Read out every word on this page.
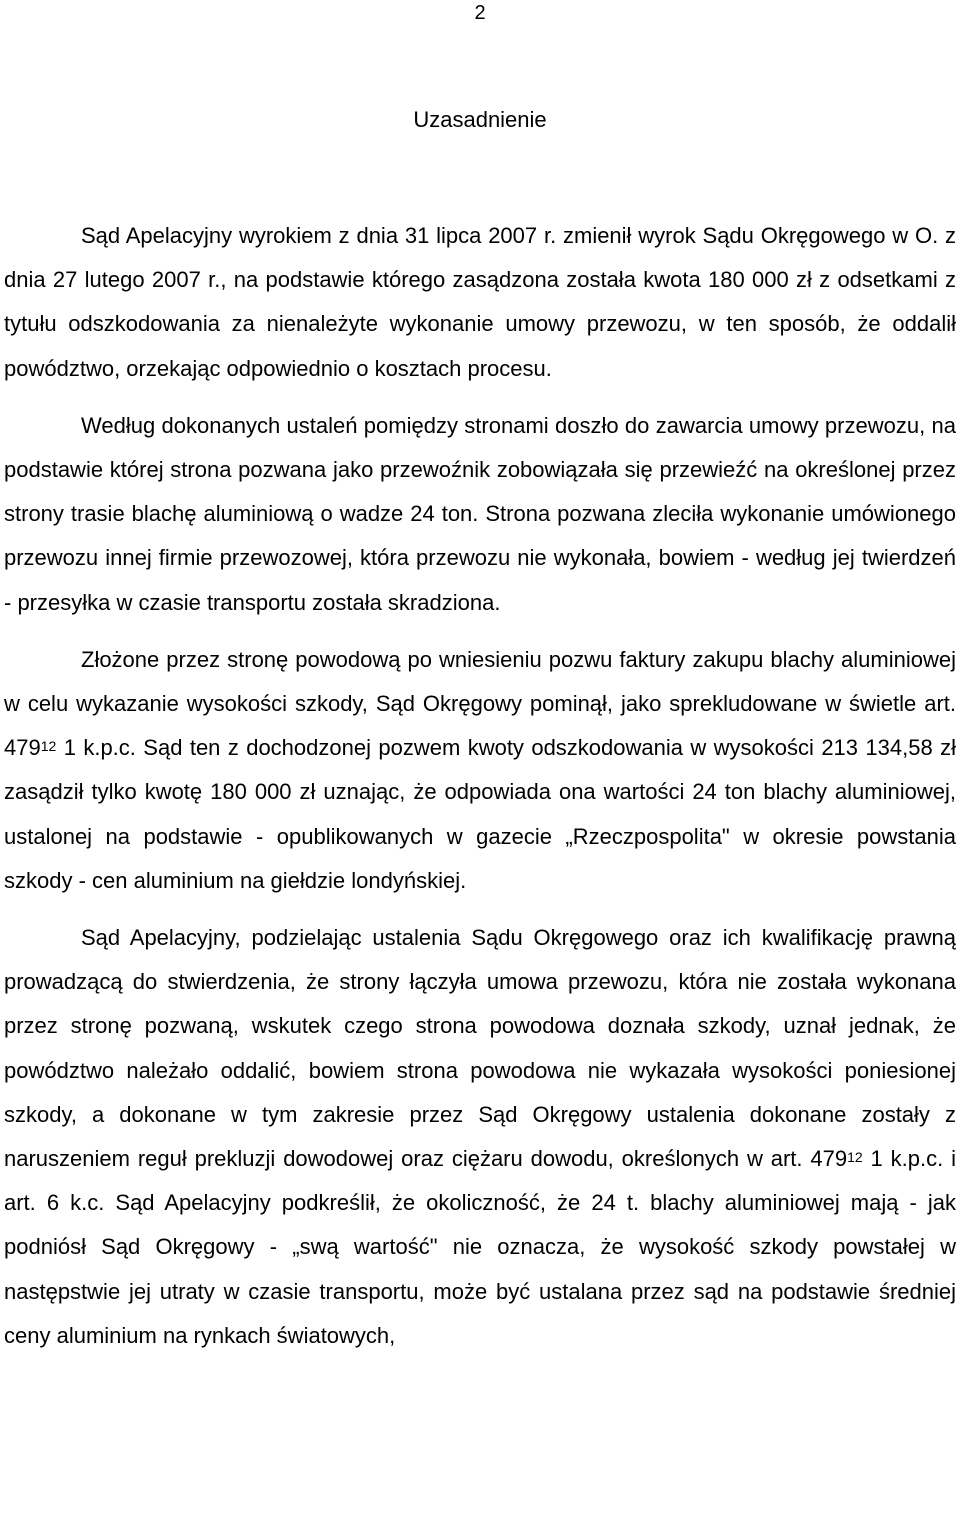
2
Uzasadnienie

Sąd Apelacyjny wyrokiem z dnia 31 lipca 2007 r. zmienił wyrok Sądu Okręgowego w O. z dnia 27 lutego 2007 r., na podstawie którego zasądzona została kwota 180 000 zł z odsetkami z tytułu odszkodowania za nienależyte wykonanie umowy przewozu, w ten sposób, że oddalił powództwo, orzekając odpowiednio o kosztach procesu.

Według dokonanych ustaleń pomiędzy stronami doszło do zawarcia umowy przewozu, na podstawie której strona pozwana jako przewoźnik zobowiązała się przewieźć na określonej przez strony trasie blachę aluminiową o wadze 24 ton. Strona pozwana zleciła wykonanie umówionego przewozu innej firmie przewozowej, która przewozu nie wykonała, bowiem - według jej twierdzeń - przesyłka w czasie transportu została skradziona.

Złożone przez stronę powodową po wniesieniu pozwu faktury zakupu blachy aluminiowej w celu wykazanie wysokości szkody, Sąd Okręgowy pominął, jako sprekludowane w świetle art. $479^{12}$ 1 k.p.c. Sąd ten z dochodzonej pozwem kwoty odszkodowania w wysokości 213 134,58 zł zasądził tylko kwotę 180 000 zł uznając, że odpowiada ona wartości 24 ton blachy aluminiowej, ustalonej na podstawie - opublikowanych w gazecie „Rzeczpospolita" w okresie powstania szkody - cen aluminium na giełdzie londyńskiej.

Sąd Apelacyjny, podzielając ustalenia Sądu Okręgowego oraz ich kwalifikację prawną prowadzącą do stwierdzenia, że strony łączyła umowa przewozu, która nie została wykonana przez stronę pozwaną, wskutek czego strona powodowa doznała szkody, uznał jednak, że powództwo należało oddalić, bowiem strona powodowa nie wykazała wysokości poniesionej szkody, a dokonane w tym zakresie przez Sąd Okręgowy ustalenia dokonane zostały z naruszeniem reguł prekluzji dowodowej oraz ciężaru dowodu, określonych w art. $479^{12}$ 1 k.p.c. i art. 6 k.c. Sąd Apelacyjny podkreślił, że okoliczność, że 24 t. blachy aluminiowej mają - jak podniósł Sąd Okręgowy - „swą wartość" nie oznacza, że wysokość szkody powstałej w następstwie jej utraty w czasie transportu, może być ustalana przez sąd na podstawie średniej ceny aluminium na rynkach światowych,
